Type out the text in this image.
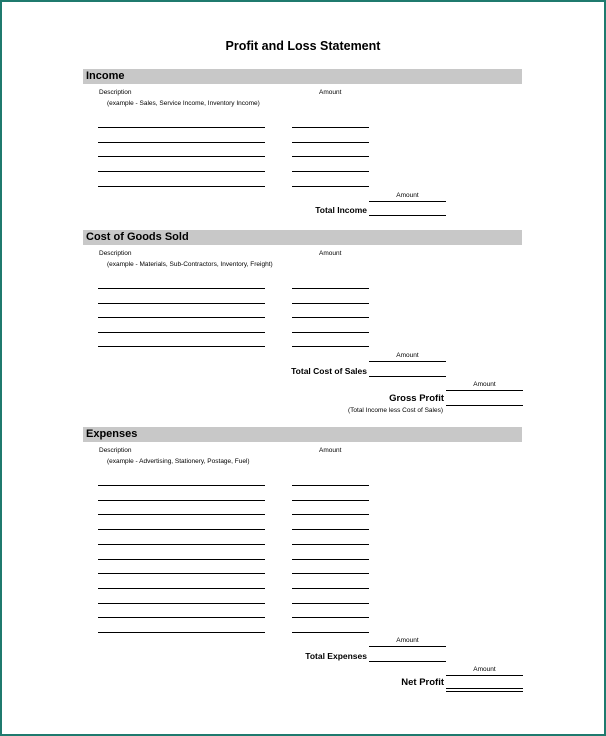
Profit and Loss Statement
Income
Description	Amount
(example - Sales, Service Income, Inventory Income)
Amount
Total Income
Cost of Goods Sold
Description	Amount
(example - Materials, Sub-Contractors, Inventory, Freight)
Amount
Total Cost of Sales
Amount
Gross Profit
(Total Income less Cost of Sales)
Expenses
Description	Amount
(example - Advertising, Stationery, Postage, Fuel)
Amount
Total Expenses
Amount
Net Profit
